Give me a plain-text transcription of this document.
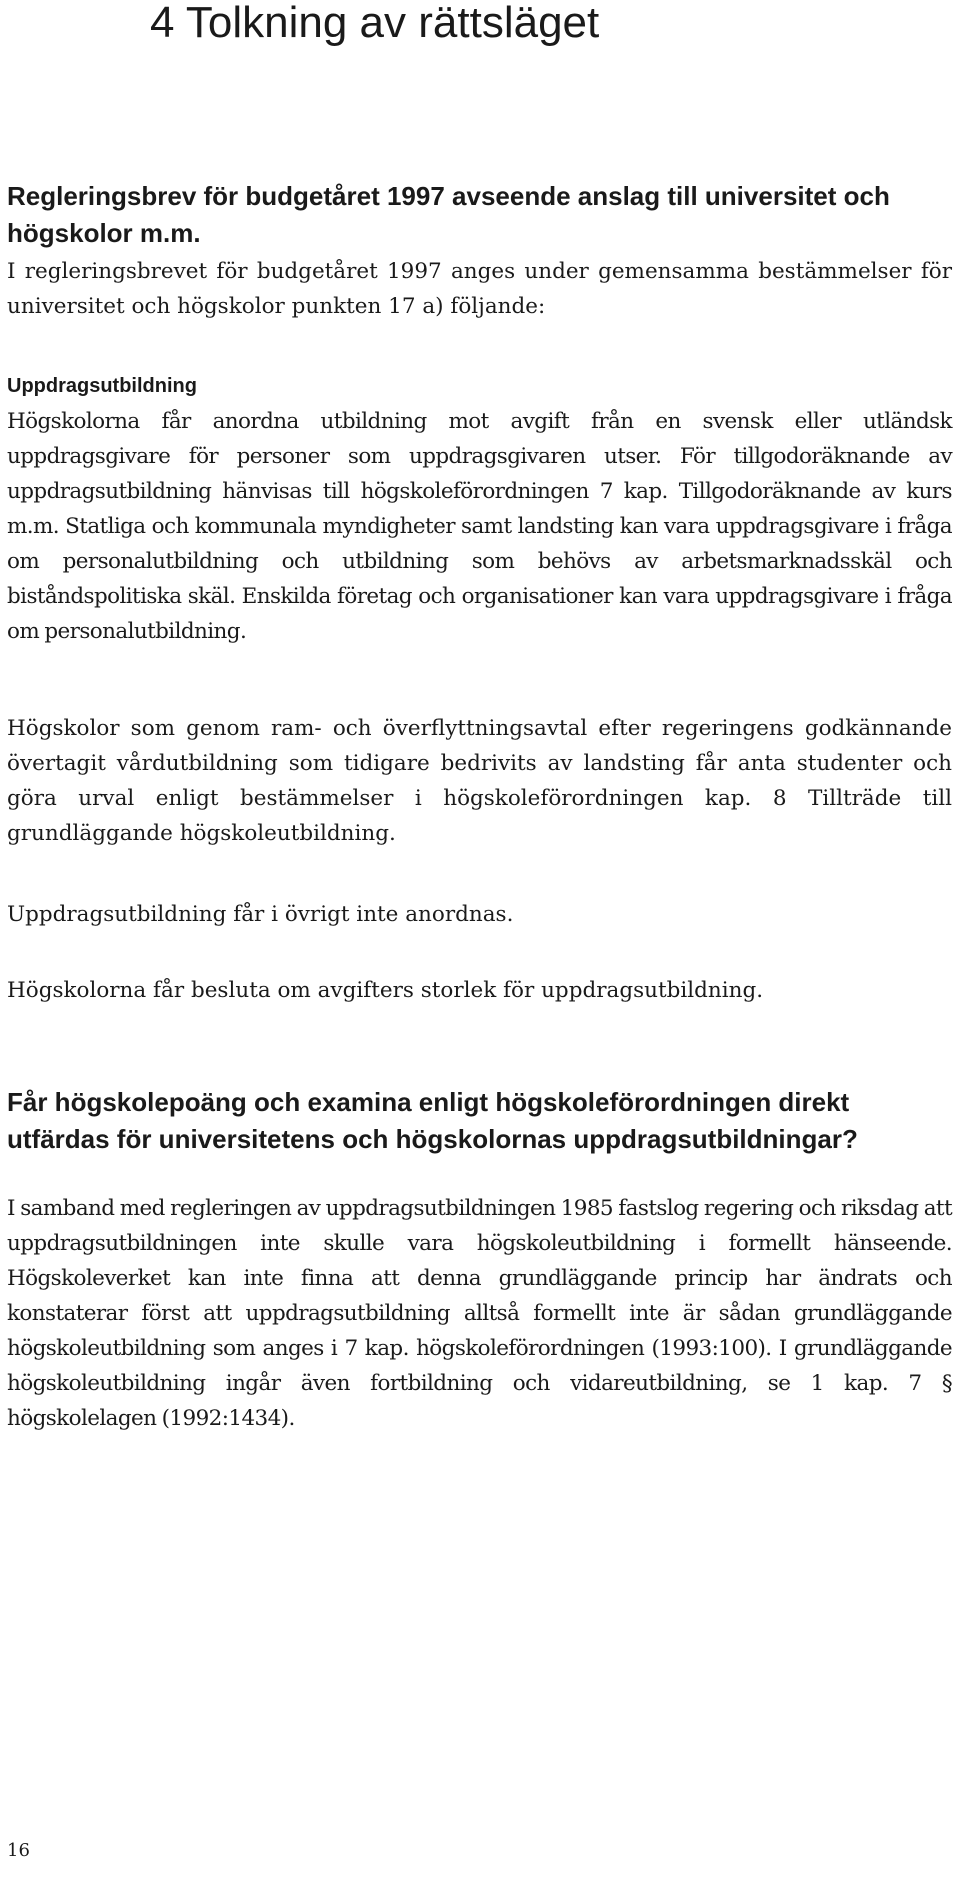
4 Tolkning av rättsläget
Regleringsbrev för budgetåret 1997 avseende anslag till universitet och högskolor m.m.

I regleringsbrevet för budgetåret 1997 anges under gemensamma bestämmelser för universitet och högskolor punkten 17 a) följande:

Uppdragsutbildning

Högskolorna får anordna utbildning mot avgift från en svensk eller utländsk uppdragsgivare för personer som uppdragsgivaren utser. För tillgodoräknande av uppdragsutbildning hänvisas till högskoleförordningen 7 kap. Tillgodoräknande av kurs m.m. Statliga och kommunala myndigheter samt landsting kan vara uppdragsgivare i fråga om personalutbildning och utbildning som behövs av arbetsmarknadsskäl och biståndspolitiska skäl. Enskilda företag och organisationer kan vara uppdragsgivare i fråga om personalutbildning.

Högskolor som genom ram- och överflyttningsavtal efter regeringens godkännande övertagit vårdutbildning som tidigare bedrivits av landsting får anta studenter och göra urval enligt bestämmelser i högskoleförordningen kap. 8 Tillträde till grundläggande högskoleutbildning.

Uppdragsutbildning får i övrigt inte anordnas.

Högskolorna får besluta om avgifters storlek för uppdragsutbildning.

Får högskolepoäng och examina enligt högskoleförordningen direkt utfärdas för universitetens och högskolornas uppdragsutbildningar?

I samband med regleringen av uppdragsutbildningen 1985 fastslog regering och riksdag att uppdragsutbildningen inte skulle vara högskoleutbildning i formellt hänseende. Högskoleverket kan inte finna att denna grundläggande princip har ändrats och konstaterar först att uppdragsutbildning alltså formellt inte är sådan grundläggande högskoleutbildning som anges i 7 kap. högskoleförordningen (1993:100). I grundläggande högskoleutbildning ingår även fortbildning och vidareutbildning, se 1 kap. 7 § högskolelagen (1992:1434).

16
